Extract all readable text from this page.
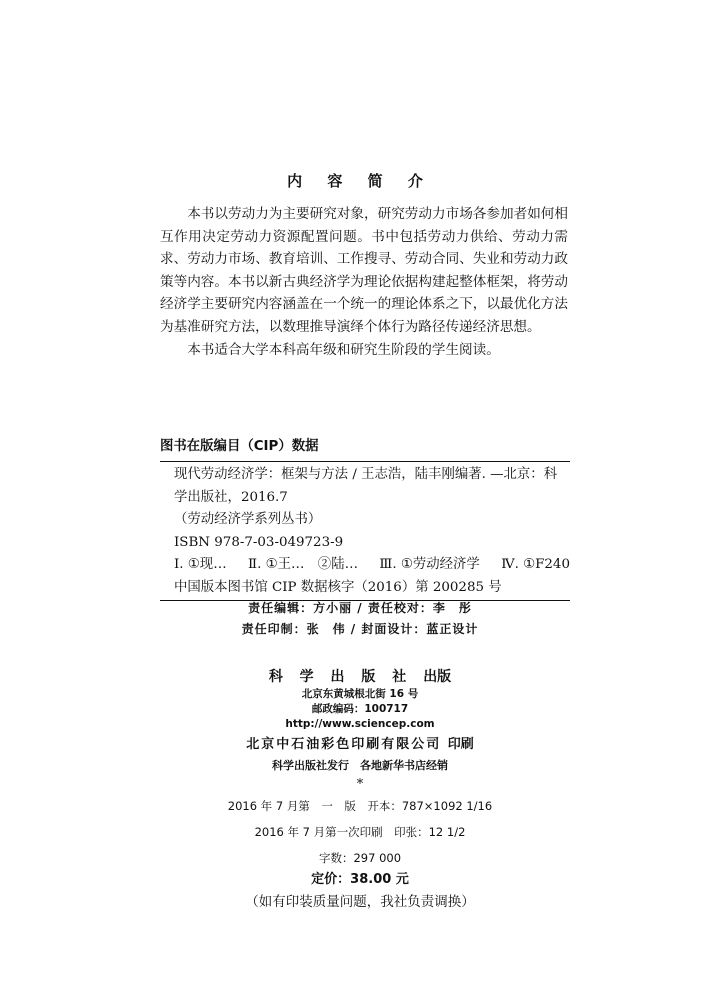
内 容 简 介

本书以劳动力为主要研究对象，研究劳动力市场各参加者如何相互作用决定劳动力资源配置问题。书中包括劳动力供给、劳动力需求、劳动力市场、教育培训、工作搜寻、劳动合同、失业和劳动力政策等内容。本书以新古典经济学为理论依据构建起整体框架，将劳动经济学主要研究内容涵盖在一个统一的理论体系之下，以最优化方法为基准研究方法，以数理推导演绎个体行为路径传递经济思想。

本书适合大学本科高年级和研究生阶段的学生阅读。

图书在版编目（CIP）数据
现代劳动经济学：框架与方法 / 王志浩，陆丰刚编著. —北京：科学出版社，2016.7
（劳动经济学系列丛书）
ISBN 978-7-03-049723-9
Ⅰ. ①现… Ⅱ. ①王…　②陆… Ⅲ. ①劳动经济学 Ⅳ. ①F240
中国版本图书馆 CIP 数据核字（2016）第 200285 号
责任编辑：方小丽 / 责任校对：李　彤
责任印制：张　伟 / 封面设计：蓝正设计
科 学 出 版 社 出版
北京东黄城根北街 16 号
邮政编码：100717
http://www.sciencep.com
北京中石油彩色印刷有限公司 印刷
科学出版社发行　各地新华书店经销
*
2016 年 7 月第　一　版　开本：787×1092 1/16
2016 年 7 月第一次印刷　印张：12 1/2
字数：297 000
定价：38.00 元
（如有印装质量问题，我社负责调换）
